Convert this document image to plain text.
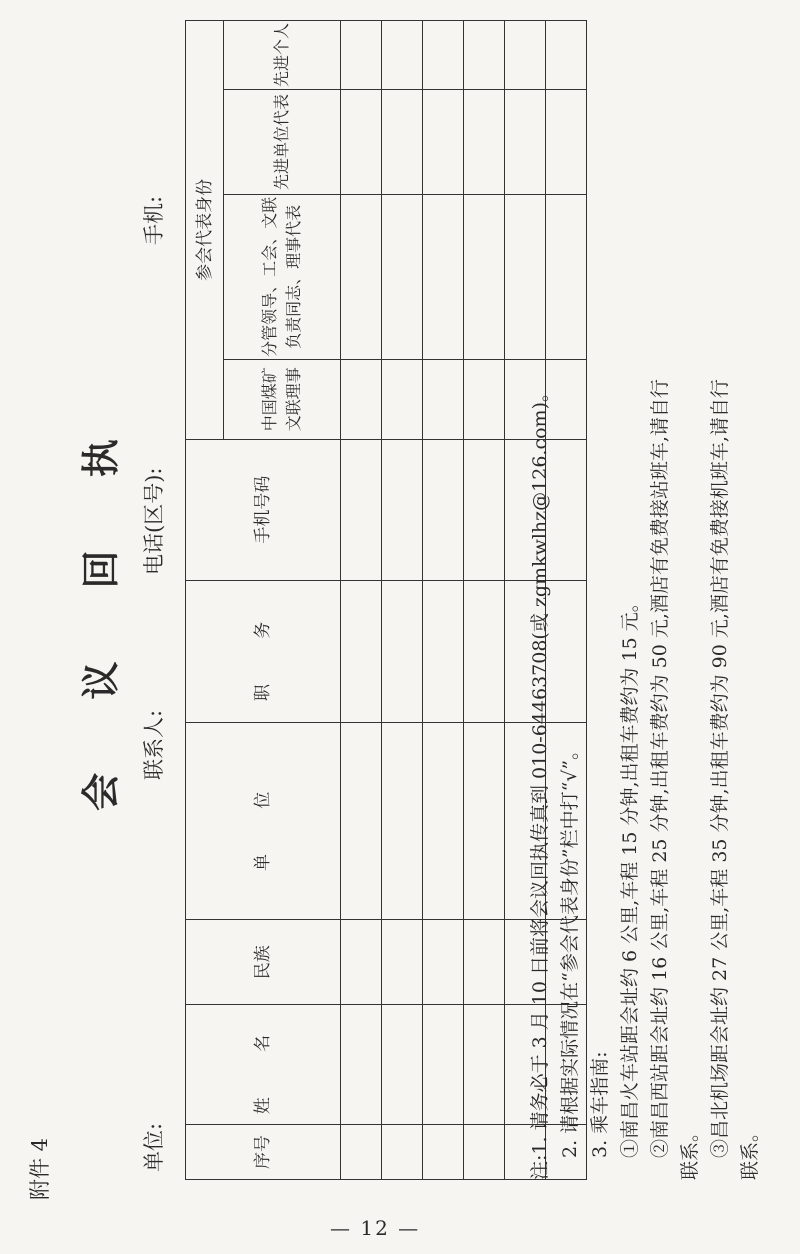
附件 4
会 议 回 执
单位:
联系人:
电话(区号):
手机:
序号	姓 名	民族	单 位	职 务	手机号码	参会代表身份			
						中国煤矿文联理事	分管领导、工会、文联负责同志、理事代表	先进单位代表	先进个人

注:1. 请务必于 3 月 10 日前将会议回执传真到 010-64463708(或 zgmkwlhz@126.com)。 2. 请根据实际情况在“参会代表身份”栏中打“√”。 3. 乘车指南: ①南昌火车站距会址约 6 公里,车程 15 分钟,出租车费约为 15 元。 ②南昌西站距会址约 16 公里,车程 25 分钟,出租车费约为 50 元,酒店有免费接站班车,请自行 联系。 ③昌北机场距会址约 27 公里,车程 35 分钟,出租车费约为 90 元,酒店有免费接机班车,请自行 联系。
— 12 —
